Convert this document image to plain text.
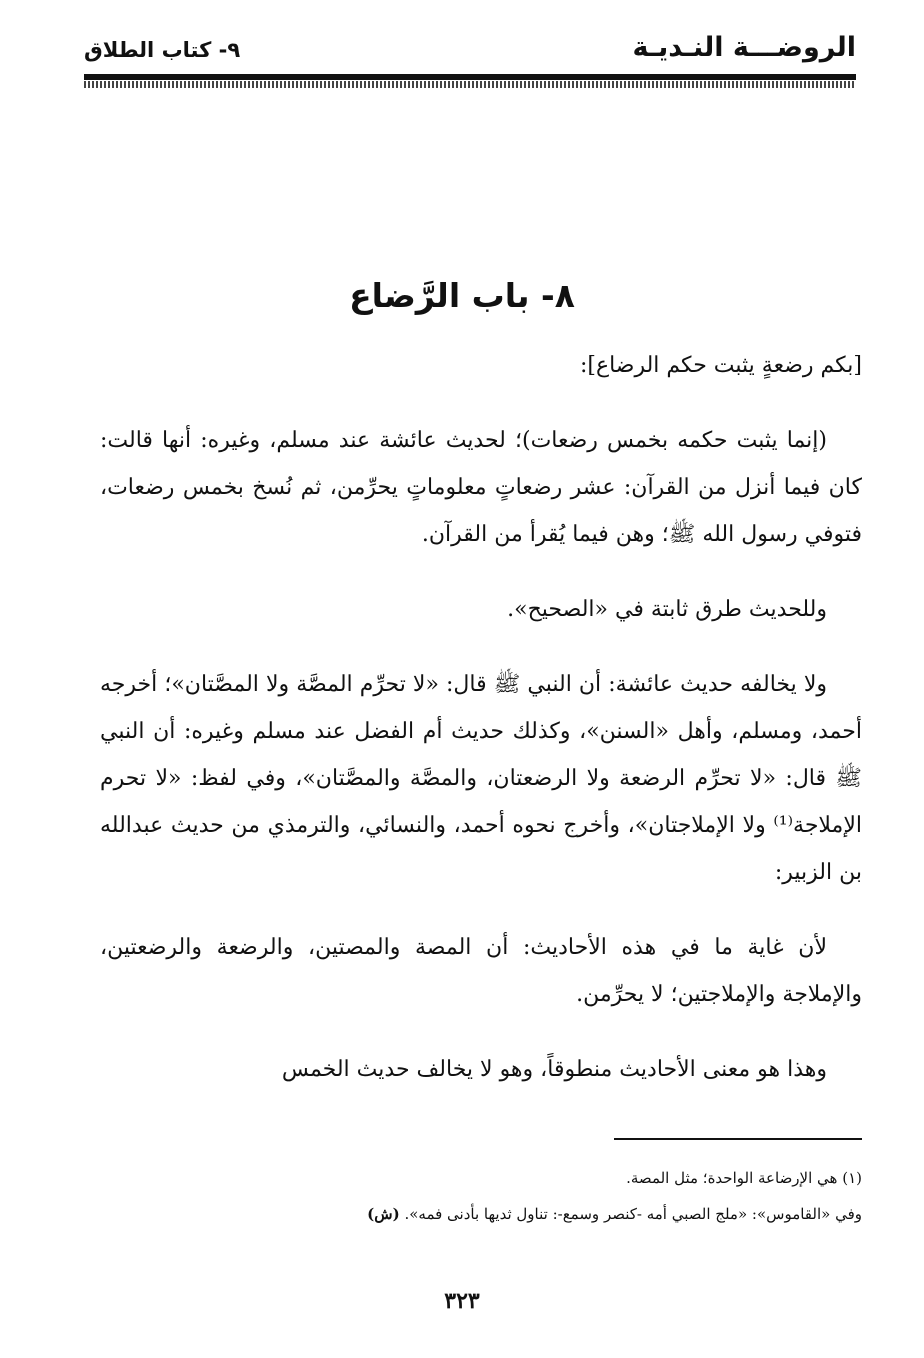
الروضـــة النـديـة
٩- كتاب الطلاق
٨- باب الرَّضاع

[بكم رضعةٍ يثبت حكم الرضاع]:

(إنما يثبت حكمه بخمس رضعات)؛ لحديث عائشة عند مسلم، وغيره: أنها قالت: كان فيما أنزل من القرآن: عشر رضعاتٍ معلوماتٍ يحرِّمن، ثم نُسخ بخمس رضعات، فتوفي رسول الله ﷺ؛ وهن فيما يُقرأ من القرآن.

وللحديث طرق ثابتة في «الصحيح».

ولا يخالفه حديث عائشة: أن النبي ﷺ قال: «لا تحرِّم المصَّة ولا المصَّتان»؛ أخرجه أحمد، ومسلم، وأهل «السنن»، وكذلك حديث أم الفضل عند مسلم وغيره: أن النبي ﷺ قال: «لا تحرِّم الرضعة ولا الرضعتان، والمصَّة والمصَّتان»، وفي لفظ: «لا تحرم الإملاجة⁽¹⁾ ولا الإملاجتان»، وأخرج نحوه أحمد، والنسائي، والترمذي من حديث عبدالله بن الزبير:

لأن غاية ما في هذه الأحاديث: أن المصة والمصتين، والرضعة والرضعتين، والإملاجة والإملاجتين؛ لا يحرِّمن.

وهذا هو معنى الأحاديث منطوقاً، وهو لا يخالف حديث الخمس

(١) هي الإرضاعة الواحدة؛ مثل المصة.

وفي «القاموس»: «ملج الصبي أمه -كنصر وسمع-: تناول ثديها بأدنى فمه». (ش)

٣٢٣
